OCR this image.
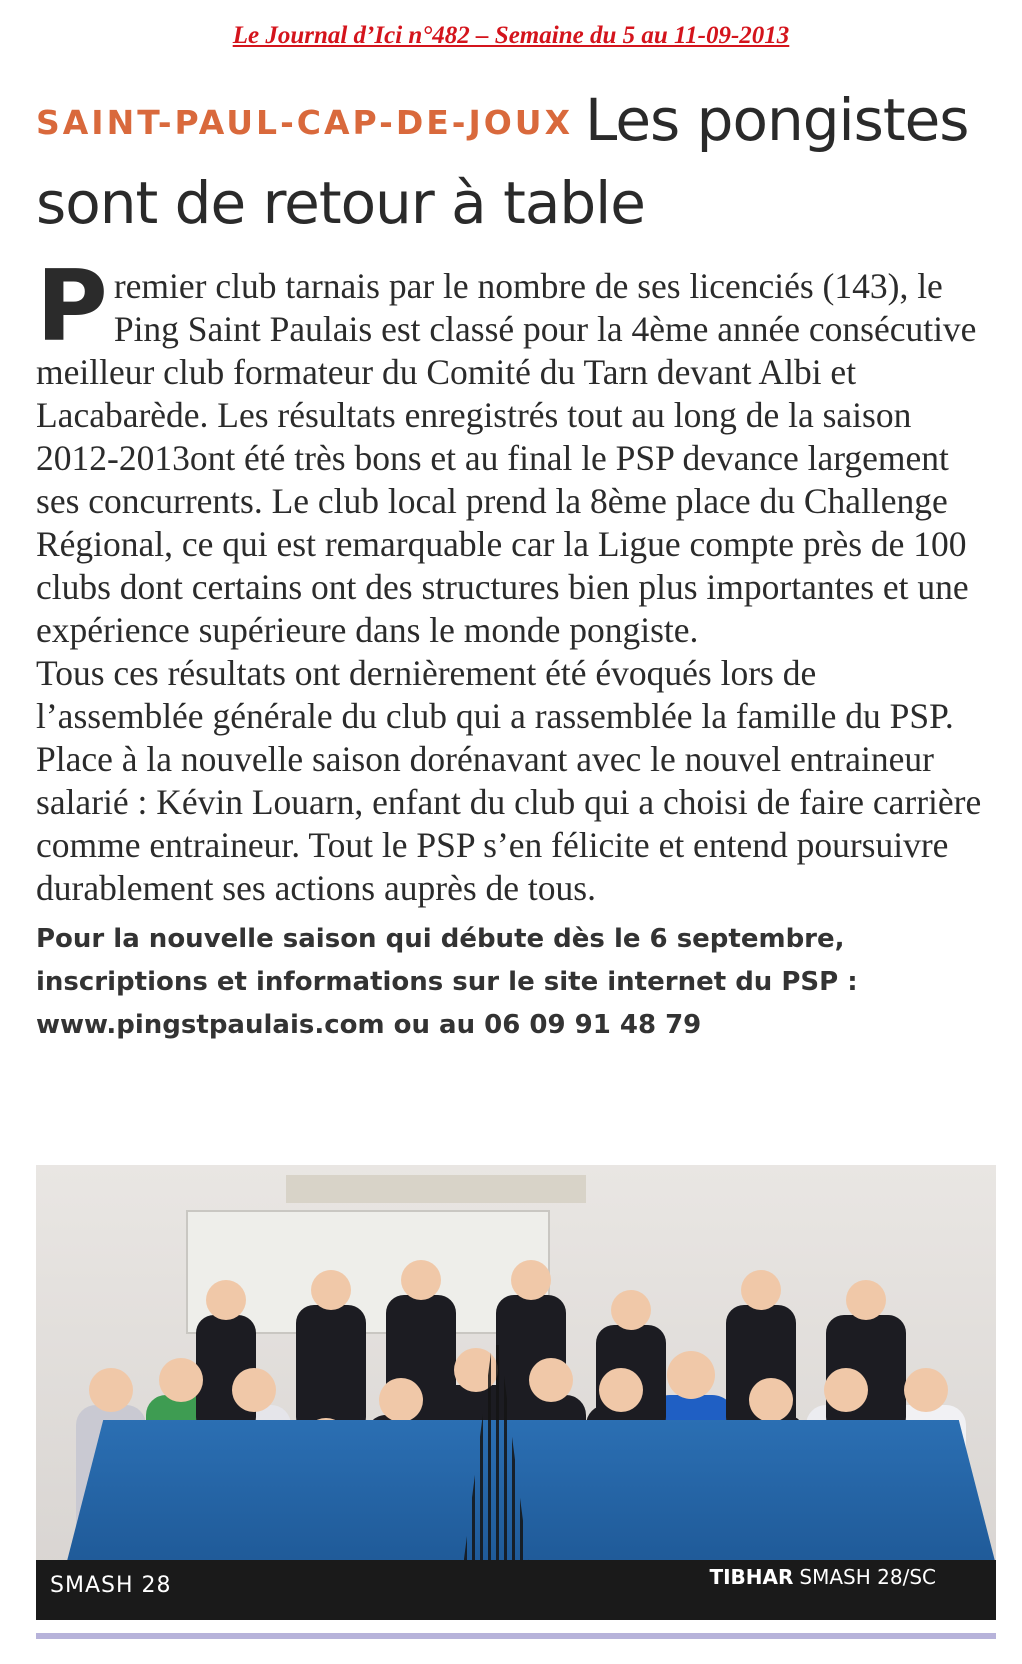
Le Journal d’Ici n°482 – Semaine du 5 au 11-09-2013
SAINT-PAUL-CAP-DE-JOUX Les pongistes sont de retour à table

Premier club tarnais par le nombre de ses licenciés (143), le Ping Saint Paulais est classé pour la 4ème année consécutive meilleur club formateur du Comité du Tarn devant Albi et Lacabarède. Les résultats enregistrés tout au long de la saison 2012-2013ont été très bons et au final le PSP devance largement ses concurrents. Le club local prend la 8ème place du Challenge Régional, ce qui est remarquable car la Ligue compte près de 100 clubs dont certains ont des structures bien plus importantes et une expérience supérieure dans le monde pongiste.

Tous ces résultats ont dernièrement été évoqués lors de l’assemblée générale du club qui a rassemblée la famille du PSP. Place à la nouvelle saison dorénavant avec le nouvel entraineur salarié : Kévin Louarn, enfant du club qui a choisi de faire carrière comme entraineur. Tout le PSP s’en félicite et entend poursuivre durablement ses actions auprès de tous.

Pour la nouvelle saison qui débute dès le 6 septembre,
inscriptions et informations sur le site internet du PSP :
www.pingstpaulais.com ou au 06 09 91 48 79
SMASH 28	TIBHAR SMASH 28/SC
